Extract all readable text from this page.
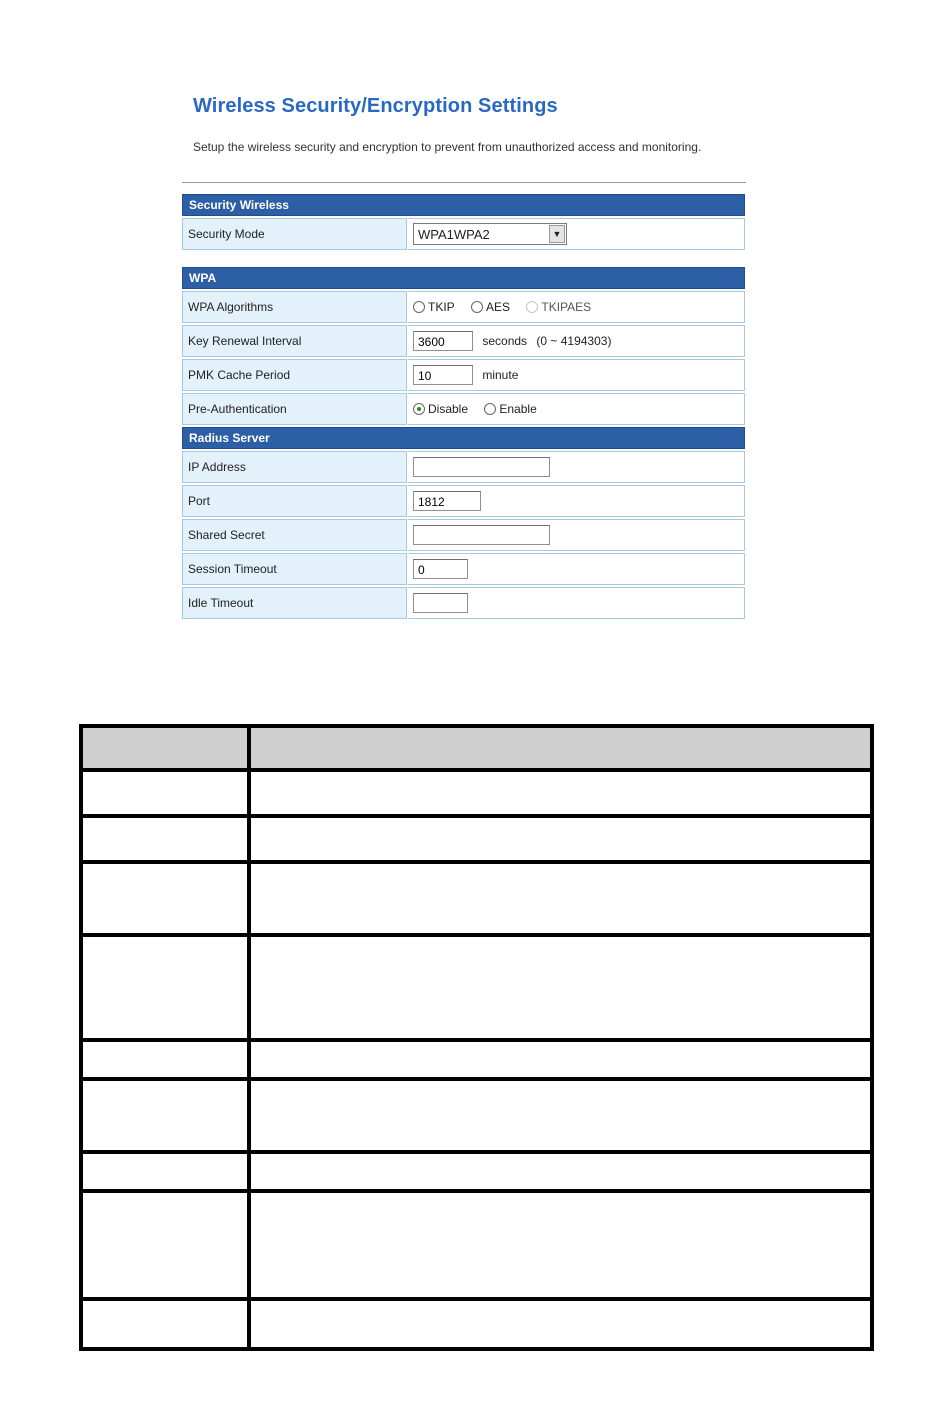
Wireless Security/Encryption Settings
Setup the wireless security and encryption to prevent from unauthorized access and monitoring.
Security Wireless
Security Mode	WPA1WPA2	▼
WPA	
WPA Algorithms	TKIP AES TKIPAES
Key Renewal Interval	3600 seconds (0 ~ 4194303)
PMK Cache Period	10 minute
Pre-Authentication	Disable Enable
Radius Server	
IP Address	
Port	1812
Shared Secret	
Session Timeout	0
Idle Timeout	
